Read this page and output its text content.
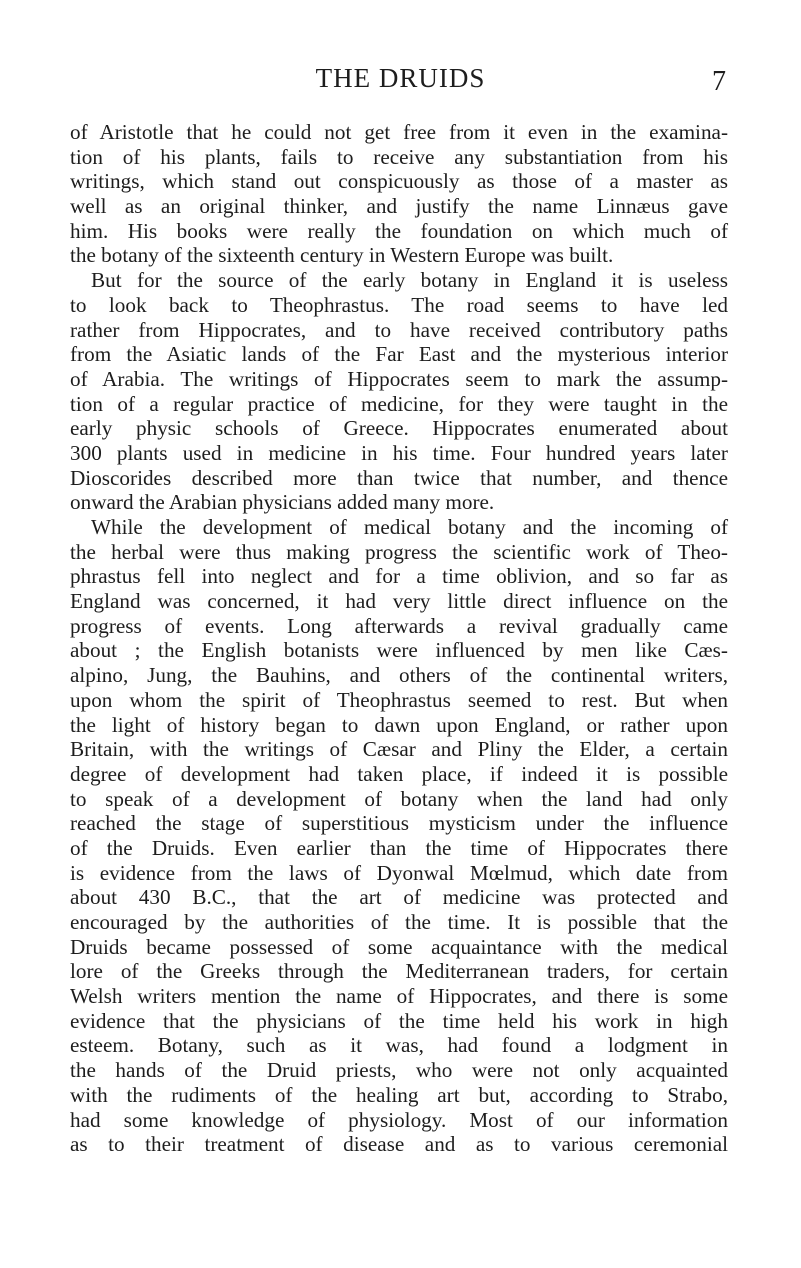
THE DRUIDS	7
of Aristotle that he could not get free from it even in the examina-
tion of his plants, fails to receive any substantiation from his
writings, which stand out conspicuously as those of a master as
well as an original thinker, and justify the name Linnæus gave
him. His books were really the foundation on which much of
the botany of the sixteenth century in Western Europe was built.
But for the source of the early botany in England it is useless
to look back to Theophrastus. The road seems to have led
rather from Hippocrates, and to have received contributory paths
from the Asiatic lands of the Far East and the mysterious interior
of Arabia. The writings of Hippocrates seem to mark the assump-
tion of a regular practice of medicine, for they were taught in the
early physic schools of Greece. Hippocrates enumerated about
300 plants used in medicine in his time. Four hundred years later
Dioscorides described more than twice that number, and thence
onward the Arabian physicians added many more.
While the development of medical botany and the incoming of
the herbal were thus making progress the scientific work of Theo-
phrastus fell into neglect and for a time oblivion, and so far as
England was concerned, it had very little direct influence on the
progress of events. Long afterwards a revival gradually came
about ; the English botanists were influenced by men like Cæs-
alpino, Jung, the Bauhins, and others of the continental writers,
upon whom the spirit of Theophrastus seemed to rest. But when
the light of history began to dawn upon England, or rather upon
Britain, with the writings of Cæsar and Pliny the Elder, a certain
degree of development had taken place, if indeed it is possible
to speak of a development of botany when the land had only
reached the stage of superstitious mysticism under the influence
of the Druids. Even earlier than the time of Hippocrates there
is evidence from the laws of Dyonwal Mœlmud, which date from
about 430 B.C., that the art of medicine was protected and
encouraged by the authorities of the time. It is possible that the
Druids became possessed of some acquaintance with the medical
lore of the Greeks through the Mediterranean traders, for certain
Welsh writers mention the name of Hippocrates, and there is some
evidence that the physicians of the time held his work in high
esteem. Botany, such as it was, had found a lodgment in
the hands of the Druid priests, who were not only acquainted
with the rudiments of the healing art but, according to Strabo,
had some knowledge of physiology. Most of our information
as to their treatment of disease and as to various ceremonial
